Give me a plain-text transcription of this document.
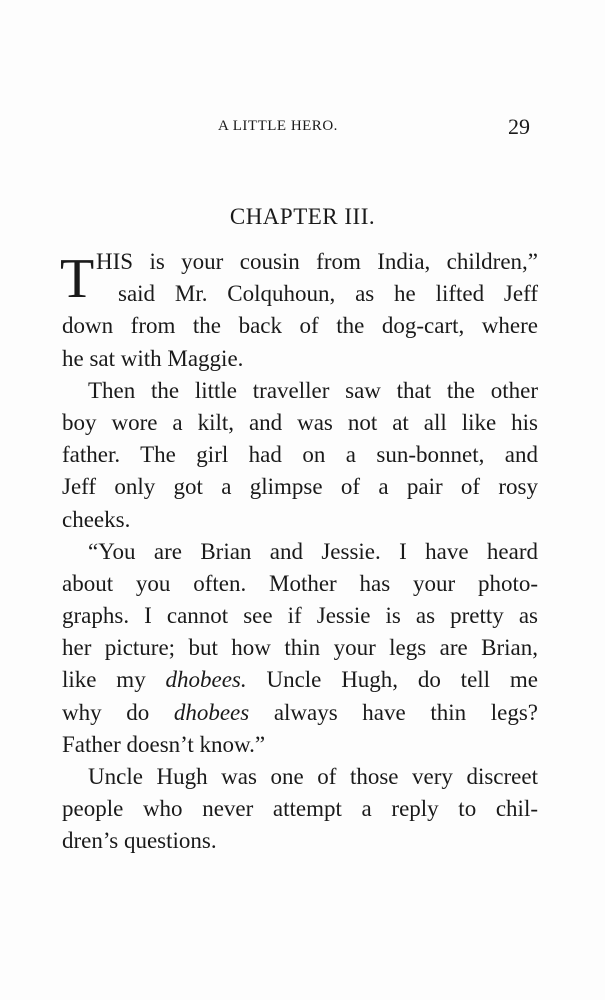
A LITTLE HERO.	29
CHAPTER III.
T HIS is your cousin from India, children,”
said Mr. Colquhoun, as he lifted Jeff
down from the back of the dog-cart, where
he sat with Maggie.
Then the little traveller saw that the other
boy wore a kilt, and was not at all like his
father. The girl had on a sun-bonnet, and
Jeff only got a glimpse of a pair of rosy
cheeks.
“You are Brian and Jessie. I have heard
about you often. Mother has your photo-
graphs. I cannot see if Jessie is as pretty as
her picture; but how thin your legs are Brian,
like my dhobees. Uncle Hugh, do tell me
why do dhobees always have thin legs?
Father doesn’t know.”
Uncle Hugh was one of those very discreet
people who never attempt a reply to chil-
dren’s questions.
